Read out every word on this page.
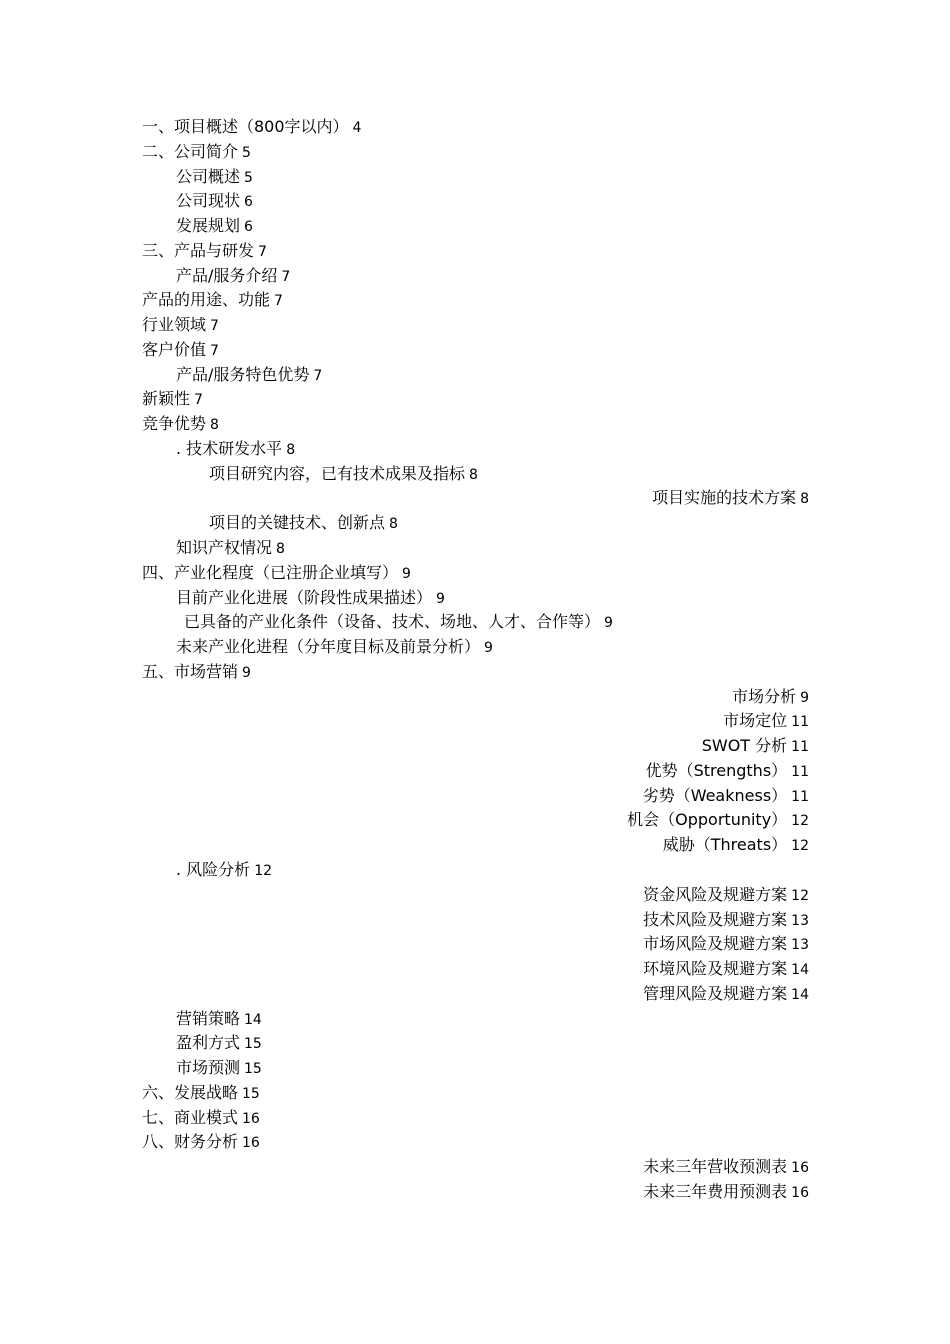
一、项目概述（800字以内） 4
二、公司简介 5
公司概述 5
公司现状 6
发展规划 6
三、产品与研发 7
产品/服务介绍 7
产品的用途、功能 7
行业领域 7
客户价值 7
产品/服务特色优势 7
新颖性 7
竞争优势 8
. 技术研发水平 8
项目研究内容，已有技术成果及指标 8
项目实施的技术方案 8
项目的关键技术、创新点 8
知识产权情况 8
四、产业化程度（已注册企业填写） 9
目前产业化进展（阶段性成果描述） 9
已具备的产业化条件（设备、技术、场地、人才、合作等） 9
未来产业化进程（分年度目标及前景分析） 9
五、市场营销 9
市场分析 9
市场定位 11
SWOT 分析 11
优势（Strengths） 11
劣势（Weakness） 11
机会（Opportunity） 12
威胁（Threats） 12
. 风险分析 12
资金风险及规避方案 12
技术风险及规避方案 13
市场风险及规避方案 13
环境风险及规避方案 14
管理风险及规避方案 14
营销策略 14
盈利方式 15
市场预测 15
六、发展战略 15
七、商业模式 16
八、财务分析 16
未来三年营收预测表 16
未来三年费用预测表 16
